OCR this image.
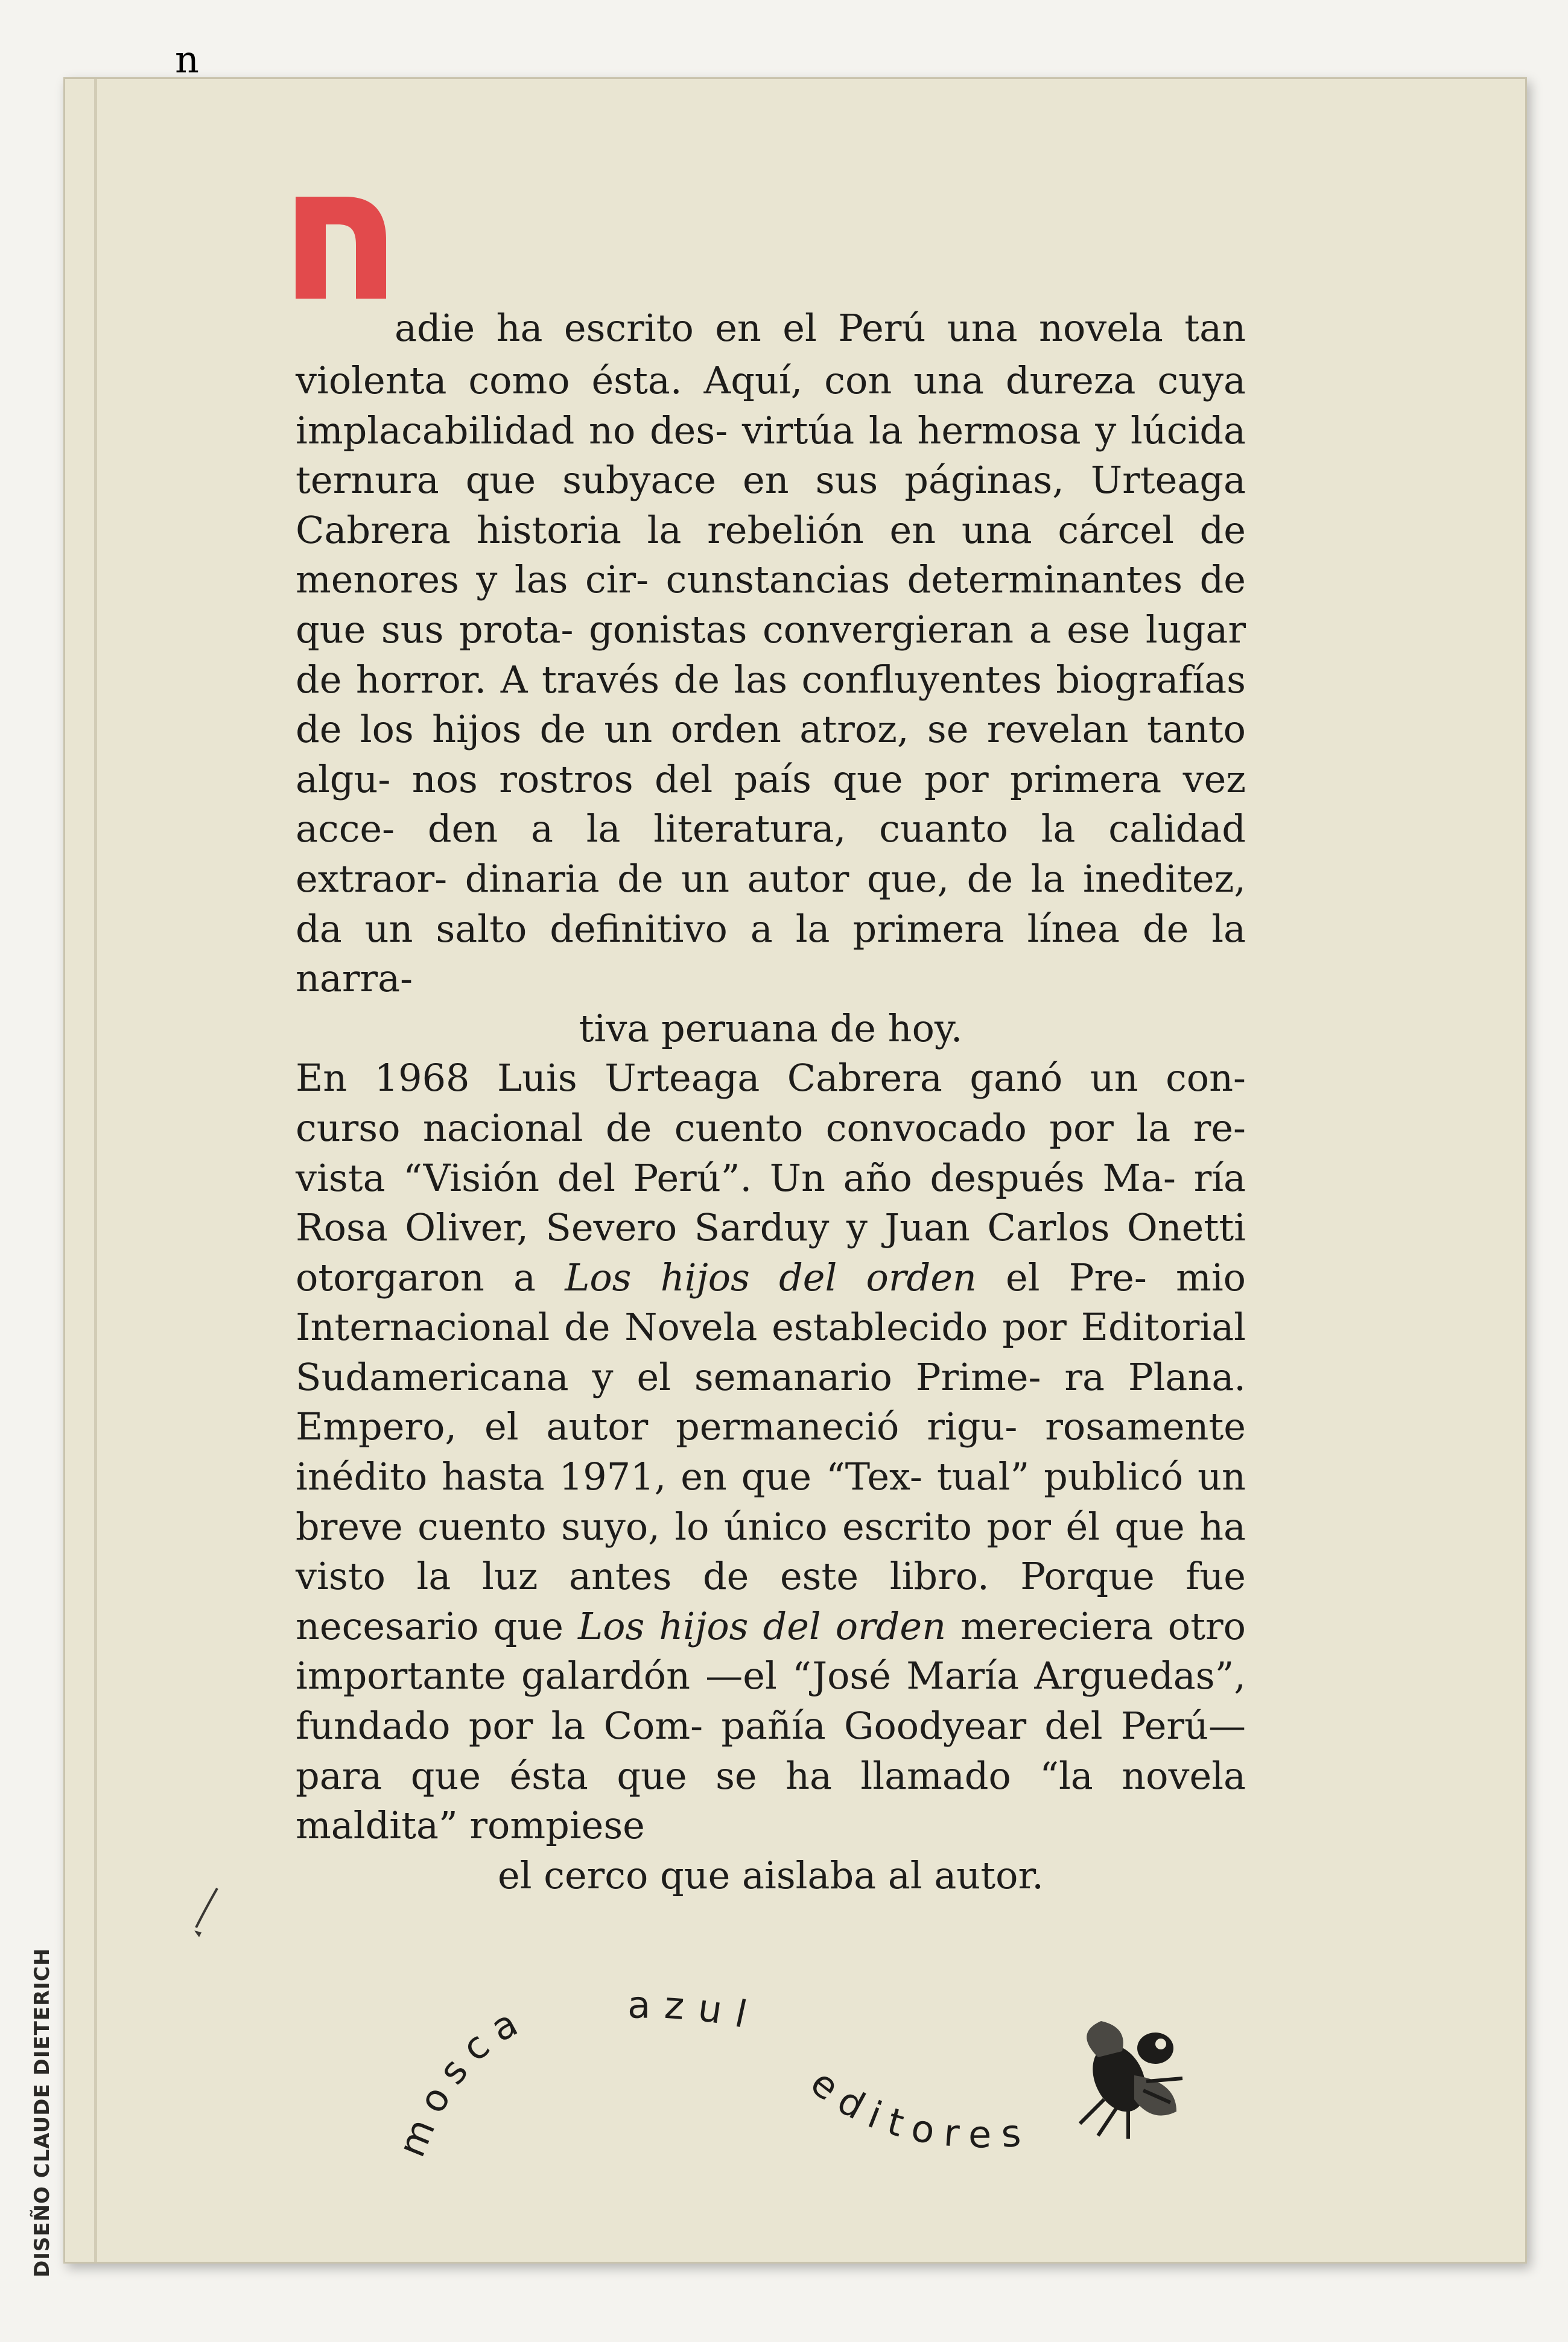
n
adie ha escrito en el Perú una novela tan violenta como ésta. Aquí, con una dureza cuya implacabilidad no des- virtúa la hermosa y lúcida ternura que subyace en sus páginas, Urteaga Cabrera historia la rebelión en una cárcel de menores y las cir- cunstancias determinantes de que sus prota- gonistas convergieran a ese lugar de horror. A través de las confluyentes biografías de los hijos de un orden atroz, se revelan tanto algu- nos rostros del país que por primera vez acce- den a la literatura, cuanto la calidad extraor- dinaria de un autor que, de la ineditez, da un salto definitivo a la primera línea de la narra-

tiva peruana de hoy.

En 1968 Luis Urteaga Cabrera ganó un con- curso nacional de cuento convocado por la re- vista “Visión del Perú”. Un año después Ma- ría Rosa Oliver, Severo Sarduy y Juan Carlos Onetti otorgaron a Los hijos del orden el Pre- mio Internacional de Novela establecido por Editorial Sudamericana y el semanario Prime- ra Plana. Empero, el autor permaneció rigu- rosamente inédito hasta 1971, en que “Tex- tual” publicó un breve cuento suyo, lo único escrito por él que ha visto la luz antes de este libro. Porque fue necesario que Los hijos del orden mereciera otro importante galardón —el “José María Arguedas”, fundado por la Com- pañía Goodyear del Perú— para que ésta que se ha llamado “la novela maldita” rompiese

el cerco que aislaba al autor.

DISEÑO CLAUDE DIETERICH	mosca azul
editores
